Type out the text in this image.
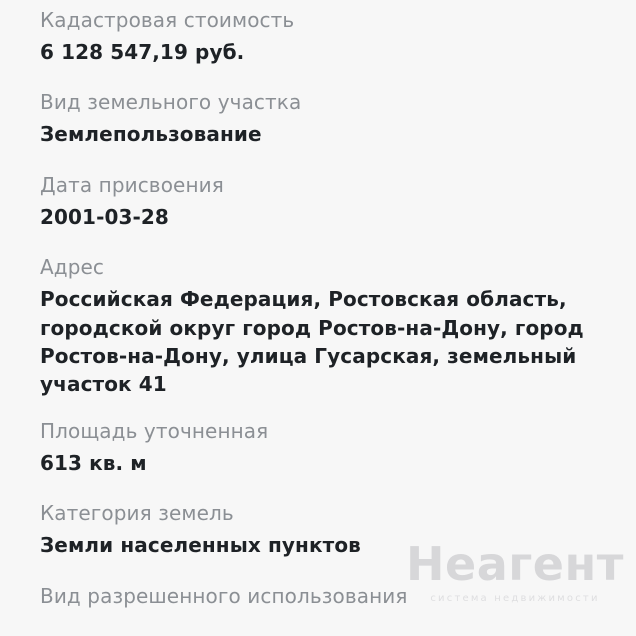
Кадастровая стоимость
6 128 547,19 руб.
Вид земельного участка
Землепользование
Дата присвоения
2001-03-28
Адрес
Российская Федерация, Ростовская область, городской округ город Ростов-на-Дону, город Ростов-на-Дону, улица Гусарская, земельный участок 41
Площадь уточненная
613 кв. м
Категория земель
Земли населенных пунктов
Вид разрешенного использования
Неагент
система недвижимости
